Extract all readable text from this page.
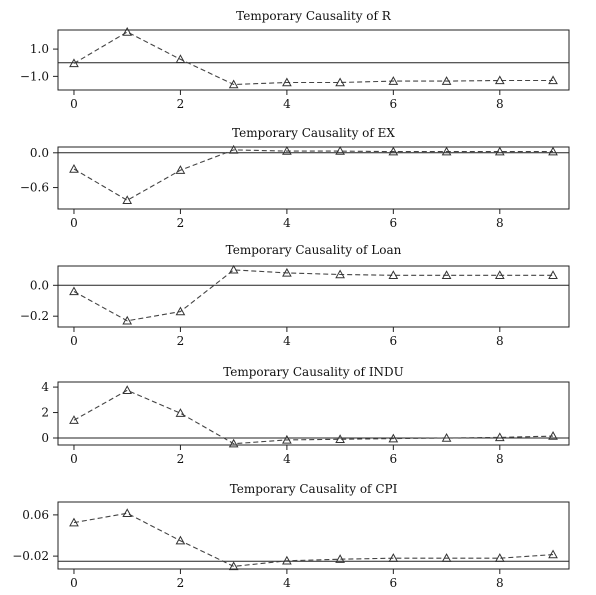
Temporary Causality of R
1.0
−1.0
0	2	4	6	8
Temporary Causality of EX
0.0
−0.6
0	2	4	6	8
Temporary Causality of Loan
0.0
−0.2
0	2	4	6	8
Temporary Causality of INDU
4
2
0
0	2	4	6	8
Temporary Causality of CPI
0.06
−0.02
0	2	4	6	8
